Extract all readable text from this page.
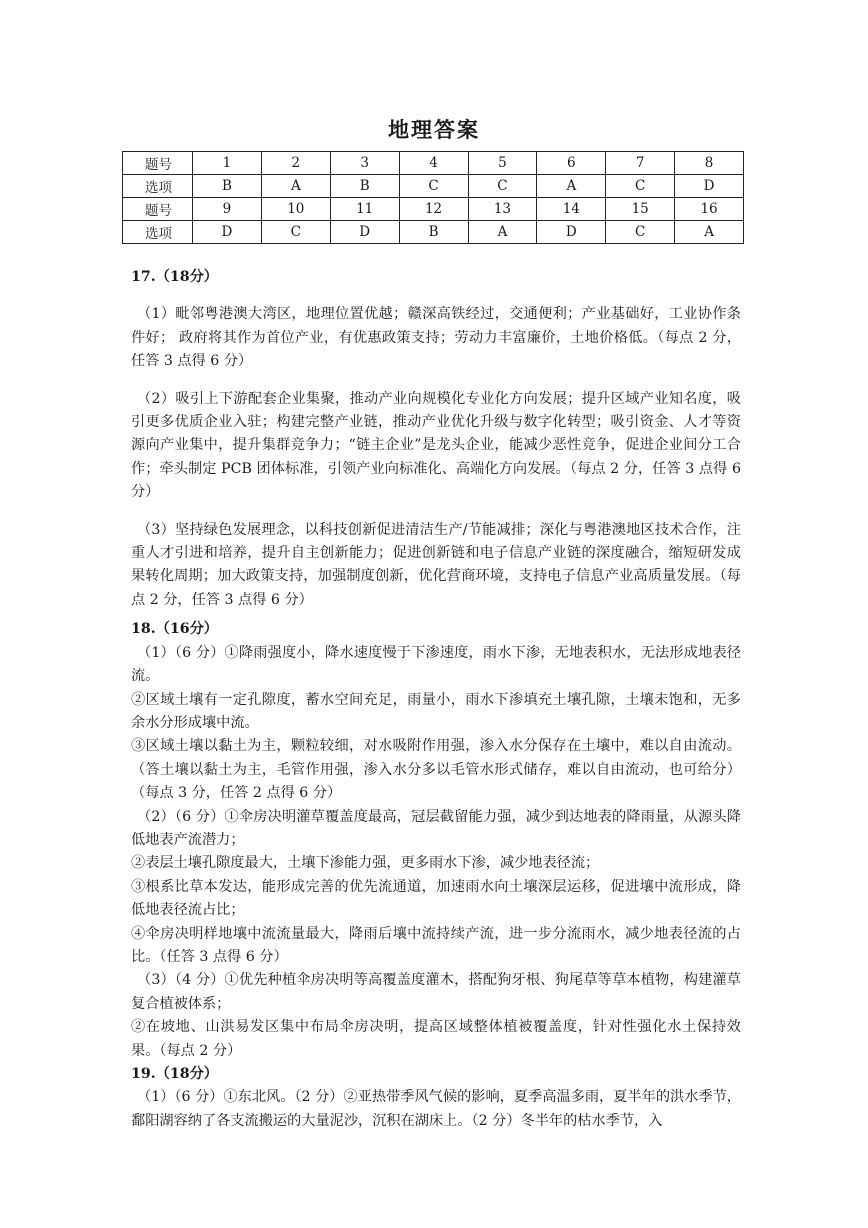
地理答案
题号	1	2	3	4	5	6	7	8
选项	B	A	B	C	C	A	C	D
题号	9	10	11	12	13	14	15	16
选项	D	C	D	B	A	D	C	A

17.（18分）

（1）毗邻粤港澳大湾区，地理位置优越；赣深高铁经过，交通便利；产业基础好，工业协作条件好； 政府将其作为首位产业，有优惠政策支持；劳动力丰富廉价，土地价格低。（每点 2 分，任答 3 点得 6 分）

（2）吸引上下游配套企业集聚，推动产业向规模化专业化方向发展；提升区域产业知名度，吸引更多优质企业入驻；构建完整产业链，推动产业优化升级与数字化转型；吸引资金、人才等资源向产业集中，提升集群竞争力；“链主企业”是龙头企业，能减少恶性竞争，促进企业间分工合作；牵头制定 PCB 团体标准，引领产业向标准化、高端化方向发展。（每点 2 分，任答 3 点得 6 分）

（3）坚持绿色发展理念，以科技创新促进清洁生产/节能减排；深化与粤港澳地区技术合作，注重人才引进和培养，提升自主创新能力；促进创新链和电子信息产业链的深度融合，缩短研发成果转化周期；加大政策支持，加强制度创新，优化营商环境，支持电子信息产业高质量发展。（每点 2 分，任答 3 点得 6 分）

18.（16分）

（1）（6 分）①降雨强度小，降水速度慢于下渗速度，雨水下渗，无地表积水，无法形成地表径流。

②区域土壤有一定孔隙度，蓄水空间充足，雨量小，雨水下渗填充土壤孔隙，土壤未饱和，无多余水分形成壤中流。

③区域土壤以黏土为主，颗粒较细，对水吸附作用强，渗入水分保存在土壤中，难以自由流动。（答土壤以黏土为主，毛管作用强，渗入水分多以毛管水形式储存，难以自由流动，也可给分）（每点 3 分，任答 2 点得 6 分）

（2）（6 分）①伞房决明灌草覆盖度最高，冠层截留能力强，减少到达地表的降雨量，从源头降低地表产流潜力；

②表层土壤孔隙度最大，土壤下渗能力强，更多雨水下渗，减少地表径流；

③根系比草本发达，能形成完善的优先流通道，加速雨水向土壤深层运移，促进壤中流形成，降低地表径流占比；

④伞房决明样地壤中流流量最大，降雨后壤中流持续产流，进一步分流雨水，减少地表径流的占比。（任答 3 点得 6 分）

（3）（4 分）①优先种植伞房决明等高覆盖度灌木，搭配狗牙根、狗尾草等草本植物，构建灌草复合植被体系；

②在坡地、山洪易发区集中布局伞房决明，提高区域整体植被覆盖度，针对性强化水土保持效果。（每点 2 分）

19.（18分）

（1）（6 分）①东北风。（2 分）②亚热带季风气候的影响，夏季高温多雨，夏半年的洪水季节，鄱阳湖容纳了各支流搬运的大量泥沙，沉积在湖床上。（2 分）冬半年的枯水季节，入
